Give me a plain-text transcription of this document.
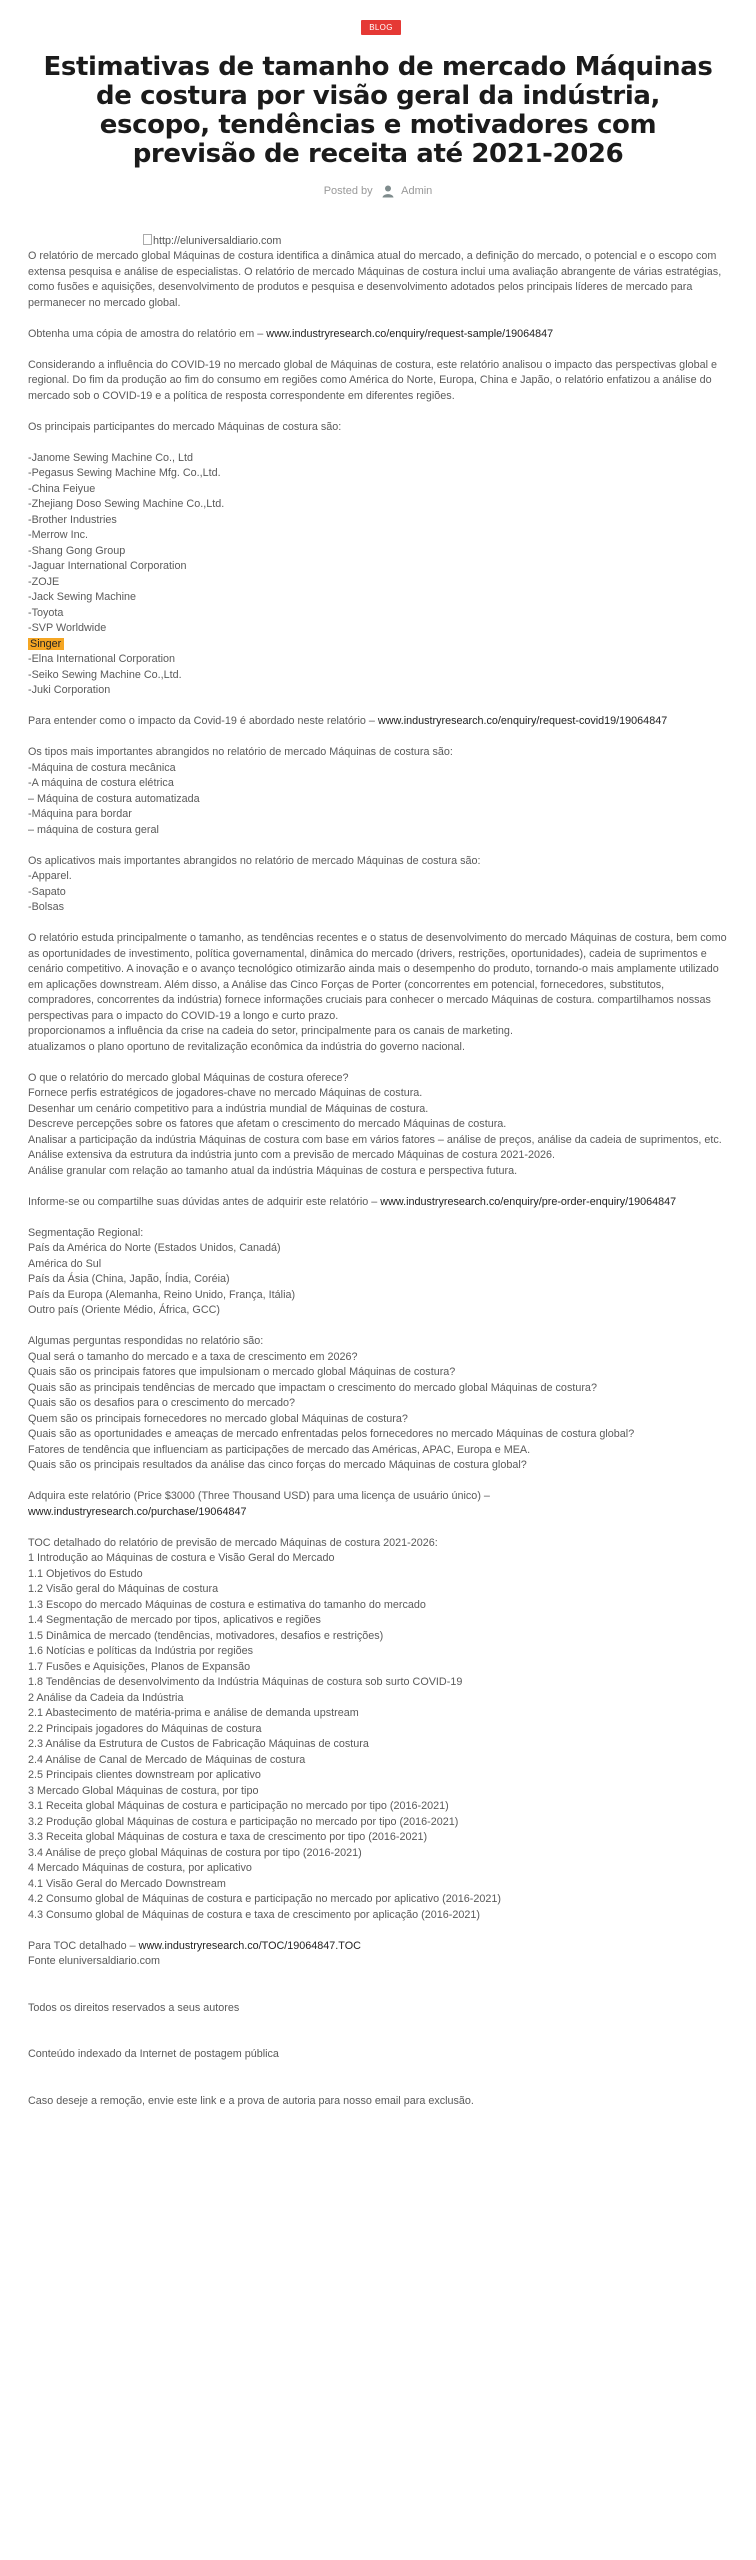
BLOG
Estimativas de tamanho de mercado Máquinas de costura por visão geral da indústria, escopo, tendências e motivadores com previsão de receita até 2021-2026
Posted by	Admin
http://eluniversaldiario.com

O relatório de mercado global Máquinas de costura identifica a dinâmica atual do mercado, a definição do mercado, o potencial e o escopo com extensa pesquisa e análise de especialistas. O relatório de mercado Máquinas de costura inclui uma avaliação abrangente de várias estratégias, como fusões e aquisições, desenvolvimento de produtos e pesquisa e desenvolvimento adotados pelos principais líderes de mercado para permanecer no mercado global.

Obtenha uma cópia de amostra do relatório em – www.industryresearch.co/enquiry/request-sample/19064847

Considerando a influência do COVID-19 no mercado global de Máquinas de costura, este relatório analisou o impacto das perspectivas global e regional. Do fim da produção ao fim do consumo em regiões como América do Norte, Europa, China e Japão, o relatório enfatizou a análise do mercado sob o COVID-19 e a política de resposta correspondente em diferentes regiões.

Os principais participantes do mercado Máquinas de costura são:

-Janome Sewing Machine Co., Ltd

-Pegasus Sewing Machine Mfg. Co.,Ltd.

-China Feiyue

-Zhejiang Doso Sewing Machine Co.,Ltd.

-Brother Industries

-Merrow Inc.

-Shang Gong Group

-Jaguar International Corporation

-ZOJE

-Jack Sewing Machine

-Toyota

-SVP Worldwide

Singer

-Elna International Corporation

-Seiko Sewing Machine Co.,Ltd.

-Juki Corporation

Para entender como o impacto da Covid-19 é abordado neste relatório – www.industryresearch.co/enquiry/request-covid19/19064847

Os tipos mais importantes abrangidos no relatório de mercado Máquinas de costura são:

-Máquina de costura mecânica

-A máquina de costura elétrica

– Máquina de costura automatizada

-Máquina para bordar

– máquina de costura geral

Os aplicativos mais importantes abrangidos no relatório de mercado Máquinas de costura são:

-Apparel.

-Sapato

-Bolsas

O relatório estuda principalmente o tamanho, as tendências recentes e o status de desenvolvimento do mercado Máquinas de costura, bem como as oportunidades de investimento, política governamental, dinâmica do mercado (drivers, restrições, oportunidades), cadeia de suprimentos e cenário competitivo. A inovação e o avanço tecnológico otimizarão ainda mais o desempenho do produto, tornando-o mais amplamente utilizado em aplicações downstream. Além disso, a Análise das Cinco Forças de Porter (concorrentes em potencial, fornecedores, substitutos, compradores, concorrentes da indústria) fornece informações cruciais para conhecer o mercado Máquinas de costura. compartilhamos nossas perspectivas para o impacto do COVID-19 a longo e curto prazo.

proporcionamos a influência da crise na cadeia do setor, principalmente para os canais de marketing.

atualizamos o plano oportuno de revitalização econômica da indústria do governo nacional.

O que o relatório do mercado global Máquinas de costura oferece?

Fornece perfis estratégicos de jogadores-chave no mercado Máquinas de costura.

Desenhar um cenário competitivo para a indústria mundial de Máquinas de costura.

Descreve percepções sobre os fatores que afetam o crescimento do mercado Máquinas de costura.

Analisar a participação da indústria Máquinas de costura com base em vários fatores – análise de preços, análise da cadeia de suprimentos, etc.

Análise extensiva da estrutura da indústria junto com a previsão de mercado Máquinas de costura 2021-2026.

Análise granular com relação ao tamanho atual da indústria Máquinas de costura e perspectiva futura.

Informe-se ou compartilhe suas dúvidas antes de adquirir este relatório – www.industryresearch.co/enquiry/pre-order-enquiry/19064847

Segmentação Regional:

País da América do Norte (Estados Unidos, Canadá)

América do Sul

País da Ásia (China, Japão, Índia, Coréia)

País da Europa (Alemanha, Reino Unido, França, Itália)

Outro país (Oriente Médio, África, GCC)

Algumas perguntas respondidas no relatório são:

Qual será o tamanho do mercado e a taxa de crescimento em 2026?

Quais são os principais fatores que impulsionam o mercado global Máquinas de costura?

Quais são as principais tendências de mercado que impactam o crescimento do mercado global Máquinas de costura?

Quais são os desafios para o crescimento do mercado?

Quem são os principais fornecedores no mercado global Máquinas de costura?

Quais são as oportunidades e ameaças de mercado enfrentadas pelos fornecedores no mercado Máquinas de costura global?

Fatores de tendência que influenciam as participações de mercado das Américas, APAC, Europa e MEA.

Quais são os principais resultados da análise das cinco forças do mercado Máquinas de costura global?

Adquira este relatório (Price $3000 (Three Thousand USD) para uma licença de usuário único) –

www.industryresearch.co/purchase/19064847

TOC detalhado do relatório de previsão de mercado Máquinas de costura 2021-2026:

1 Introdução ao Máquinas de costura e Visão Geral do Mercado

1.1 Objetivos do Estudo

1.2 Visão geral do Máquinas de costura

1.3 Escopo do mercado Máquinas de costura e estimativa do tamanho do mercado

1.4 Segmentação de mercado por tipos, aplicativos e regiões

1.5 Dinâmica de mercado (tendências, motivadores, desafios e restrições)

1.6 Notícias e políticas da Indústria por regiões

1.7 Fusões e Aquisições, Planos de Expansão

1.8 Tendências de desenvolvimento da Indústria Máquinas de costura sob surto COVID-19

2 Análise da Cadeia da Indústria

2.1 Abastecimento de matéria-prima e análise de demanda upstream

2.2 Principais jogadores do Máquinas de costura

2.3 Análise da Estrutura de Custos de Fabricação Máquinas de costura

2.4 Análise de Canal de Mercado de Máquinas de costura

2.5 Principais clientes downstream por aplicativo

3 Mercado Global Máquinas de costura, por tipo

3.1 Receita global Máquinas de costura e participação no mercado por tipo (2016-2021)

3.2 Produção global Máquinas de costura e participação no mercado por tipo (2016-2021)

3.3 Receita global Máquinas de costura e taxa de crescimento por tipo (2016-2021)

3.4 Análise de preço global Máquinas de costura por tipo (2016-2021)

4 Mercado Máquinas de costura, por aplicativo

4.1 Visão Geral do Mercado Downstream

4.2 Consumo global de Máquinas de costura e participação no mercado por aplicativo (2016-2021)

4.3 Consumo global de Máquinas de costura e taxa de crescimento por aplicação (2016-2021)

Para TOC detalhado – www.industryresearch.co/TOC/19064847.TOC

Fonte eluniversaldiario.com

Todos os direitos reservados a seus autores

Conteúdo indexado da Internet de postagem pública

Caso deseje a remoção, envie este link e a prova de autoria para nosso email para exclusão.
